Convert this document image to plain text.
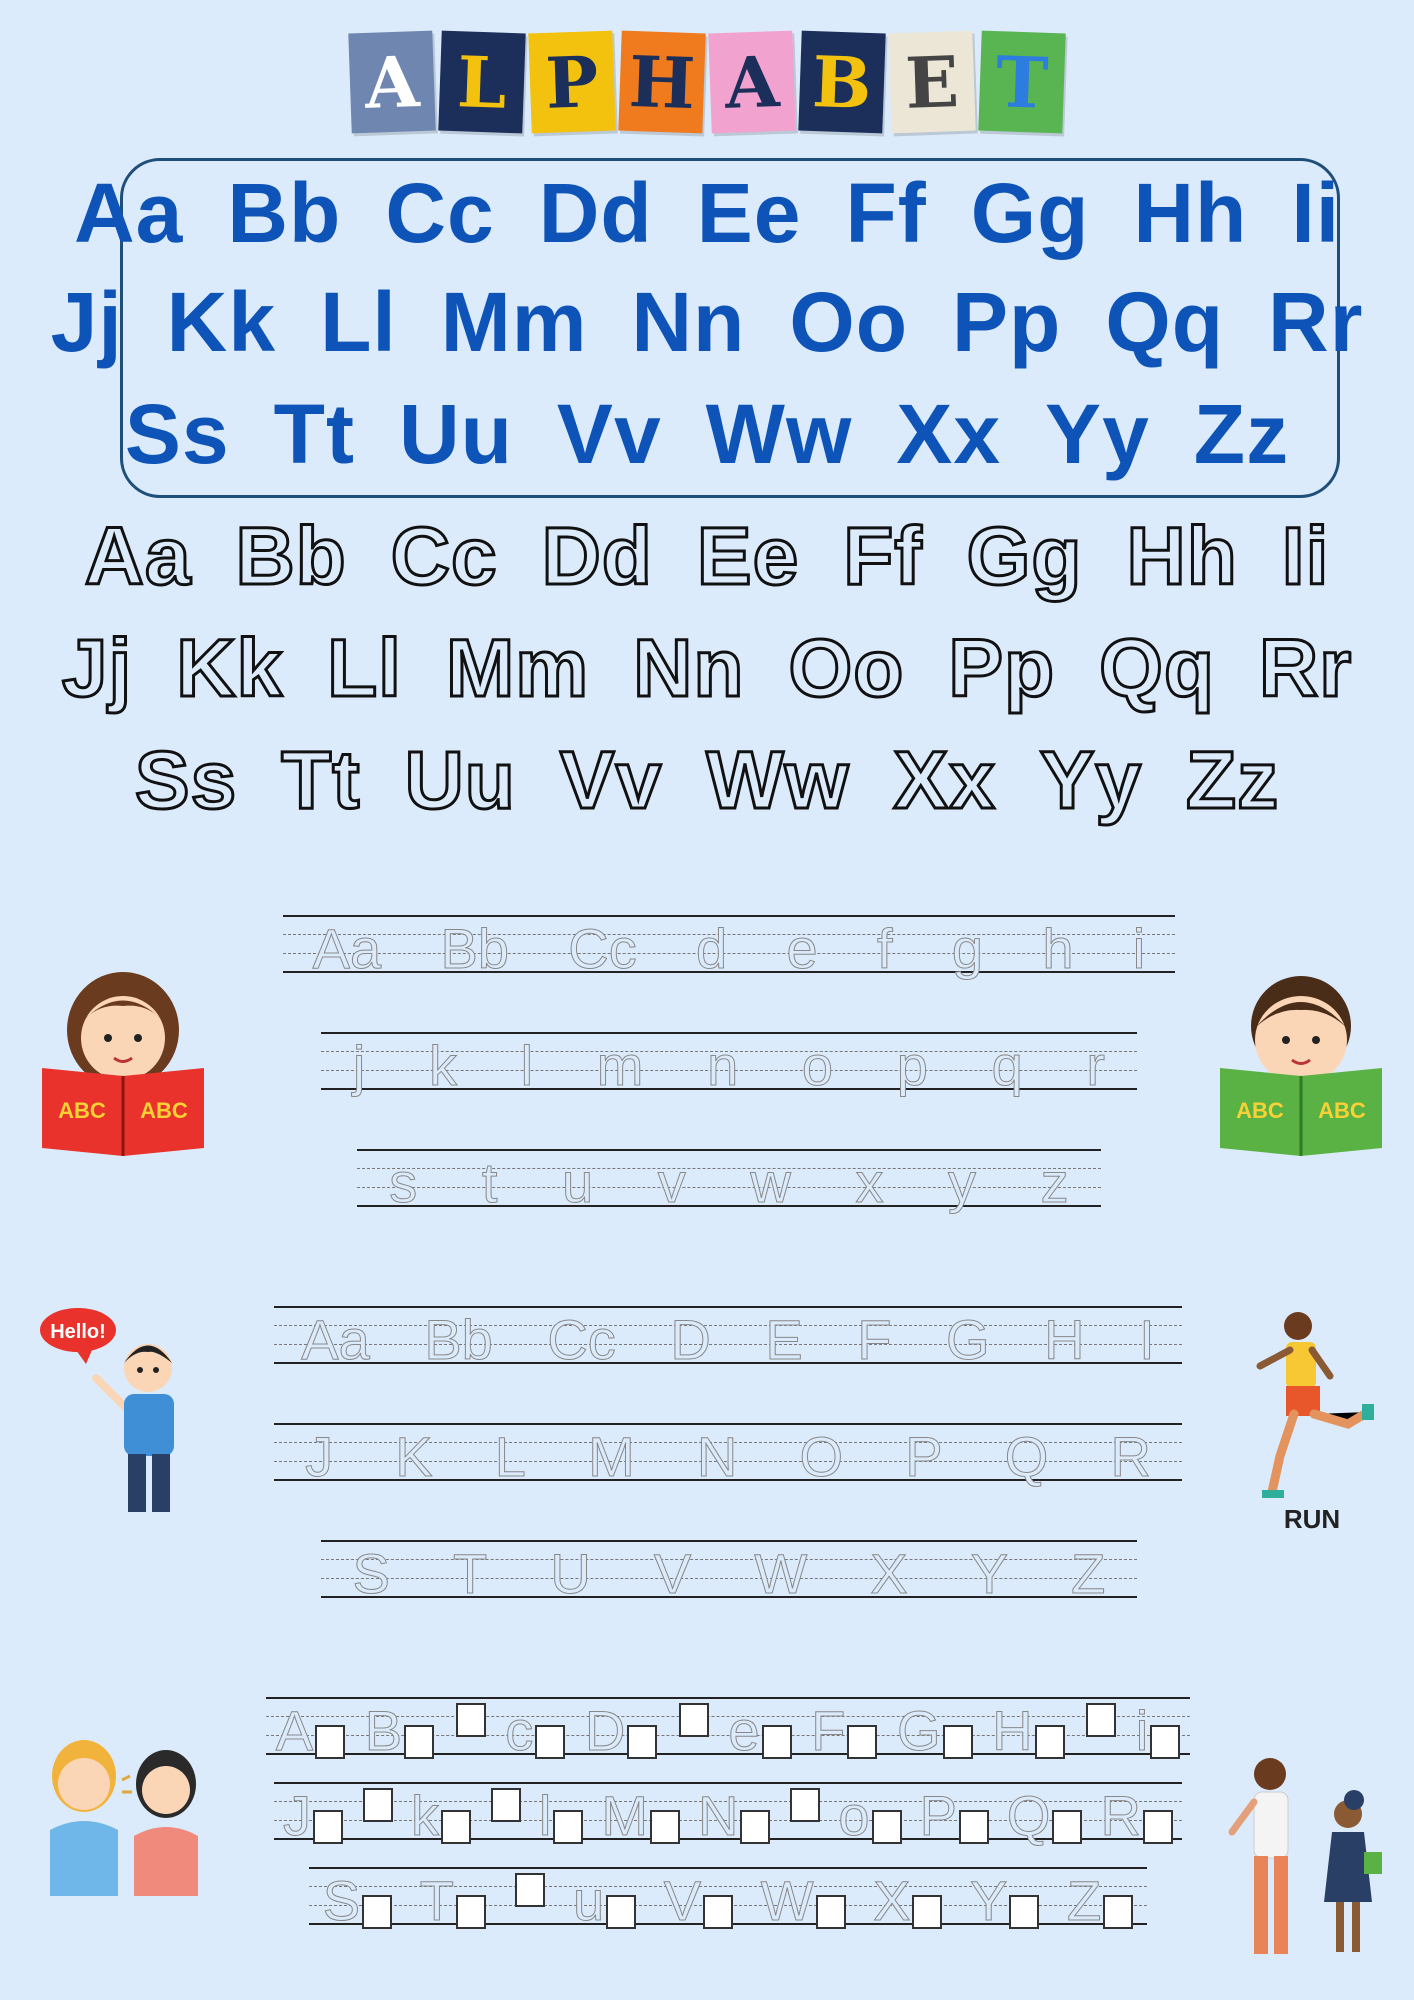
A L P H A B E T
Aa Bb Cc Dd Ee Ff Gg Hh Ii
Jj Kk Ll Mm Nn Oo Pp Qq Rr
Ss Tt Uu Vv Ww Xx Yy Zz
Aa Bb Cc Dd Ee Ff Gg Hh Ii
Jj Kk Ll Mm Nn Oo Pp Qq Rr
Ss Tt Uu Vv Ww Xx Yy Zz
Aa Bb Cc d e f g h i
j k l m n o p q r
s t u v w x y z
Aa Bb Cc D E F G H I
J K L M N O P Q R
S T U V W X Y Z
A B	c D	e F G H	i
J	k	l M N	o P Q R
S	T	u	V	W	X	Y	Z
ABC ABC	ABC ABC
Hello!
RUN
